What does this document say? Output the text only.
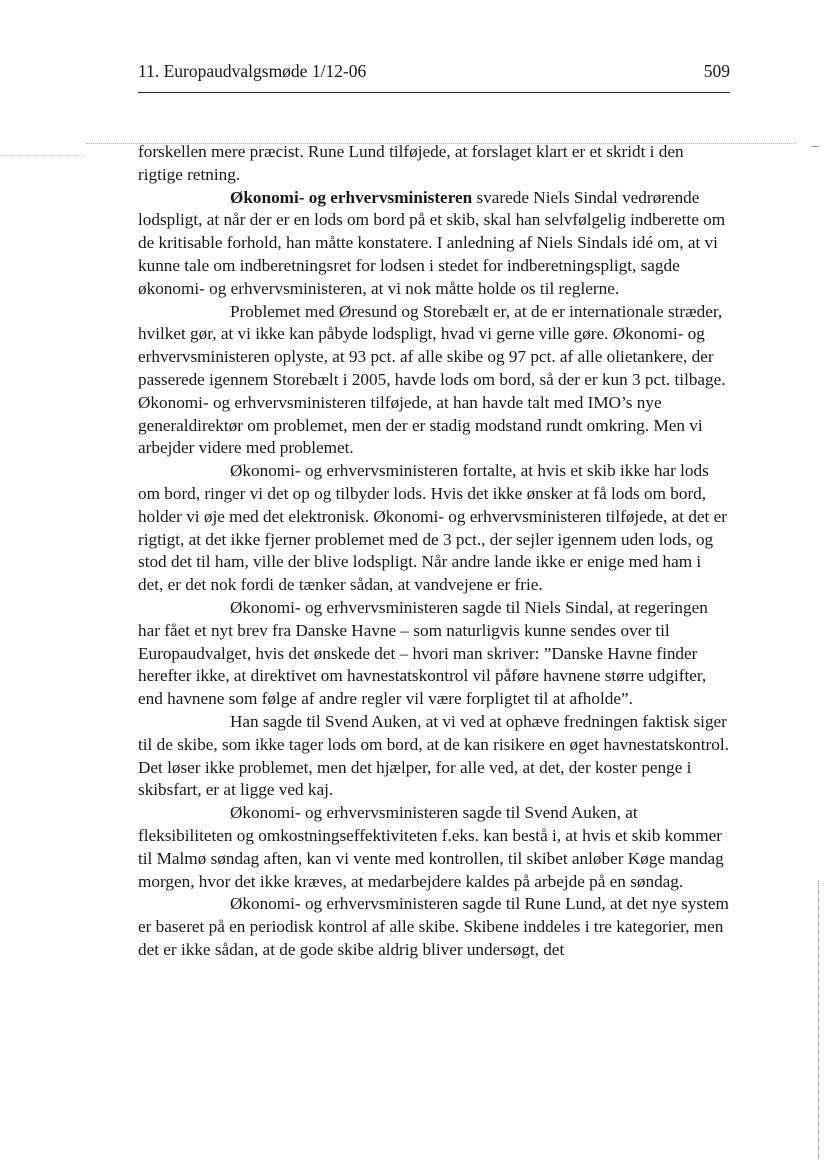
11. Europaudvalgsmøde 1/12-06	509

forskellen mere præcist. Rune Lund tilføjede, at forslaget klart er et skridt i den rigtige retning.

Økonomi- og erhvervsministeren svarede Niels Sindal vedrørende lodspligt, at når der er en lods om bord på et skib, skal han selvfølgelig indberette om de kritisable forhold, han måtte konstatere. I anledning af Niels Sindals idé om, at vi kunne tale om indberetningsret for lodsen i stedet for indberetningspligt, sagde økonomi- og erhvervsministeren, at vi nok måtte holde os til reglerne.

Problemet med Øresund og Storebælt er, at de er internationale stræder, hvilket gør, at vi ikke kan påbyde lodspligt, hvad vi gerne ville gøre. Økonomi- og erhvervsministeren oplyste, at 93 pct. af alle skibe og 97 pct. af alle olietankere, der passerede igennem Storebælt i 2005, havde lods om bord, så der er kun 3 pct. tilbage. Økonomi- og erhvervsministeren tilføjede, at han havde talt med IMO’s nye generaldirektør om problemet, men der er stadig modstand rundt omkring. Men vi arbejder videre med problemet.

Økonomi- og erhvervsministeren fortalte, at hvis et skib ikke har lods om bord, ringer vi det op og tilbyder lods. Hvis det ikke ønsker at få lods om bord, holder vi øje med det elektronisk. Økonomi- og erhvervsministeren tilføjede, at det er rigtigt, at det ikke fjerner problemet med de 3 pct., der sejler igennem uden lods, og stod det til ham, ville der blive lodspligt. Når andre lande ikke er enige med ham i det, er det nok fordi de tænker sådan, at vandvejene er frie.

Økonomi- og erhvervsministeren sagde til Niels Sindal, at regeringen har fået et nyt brev fra Danske Havne – som naturligvis kunne sendes over til Europaudvalget, hvis det ønskede det – hvori man skriver: ”Danske Havne finder herefter ikke, at direktivet om havnestatskontrol vil påføre havnene større udgifter, end havnene som følge af andre regler vil være forpligtet til at afholde”.

Han sagde til Svend Auken, at vi ved at ophæve fredningen faktisk siger til de skibe, som ikke tager lods om bord, at de kan risikere en øget havnestatskontrol. Det løser ikke problemet, men det hjælper, for alle ved, at det, der koster penge i skibsfart, er at ligge ved kaj.

Økonomi- og erhvervsministeren sagde til Svend Auken, at fleksibiliteten og omkostningseffektiviteten f.eks. kan bestå i, at hvis et skib kommer til Malmø søndag aften, kan vi vente med kontrollen, til skibet anløber Køge mandag morgen, hvor det ikke kræves, at medarbejdere kaldes på arbejde på en søndag.

Økonomi- og erhvervsministeren sagde til Rune Lund, at det nye system er baseret på en periodisk kontrol af alle skibe. Skibene inddeles i tre kategorier, men det er ikke sådan, at de gode skibe aldrig bliver undersøgt, det
